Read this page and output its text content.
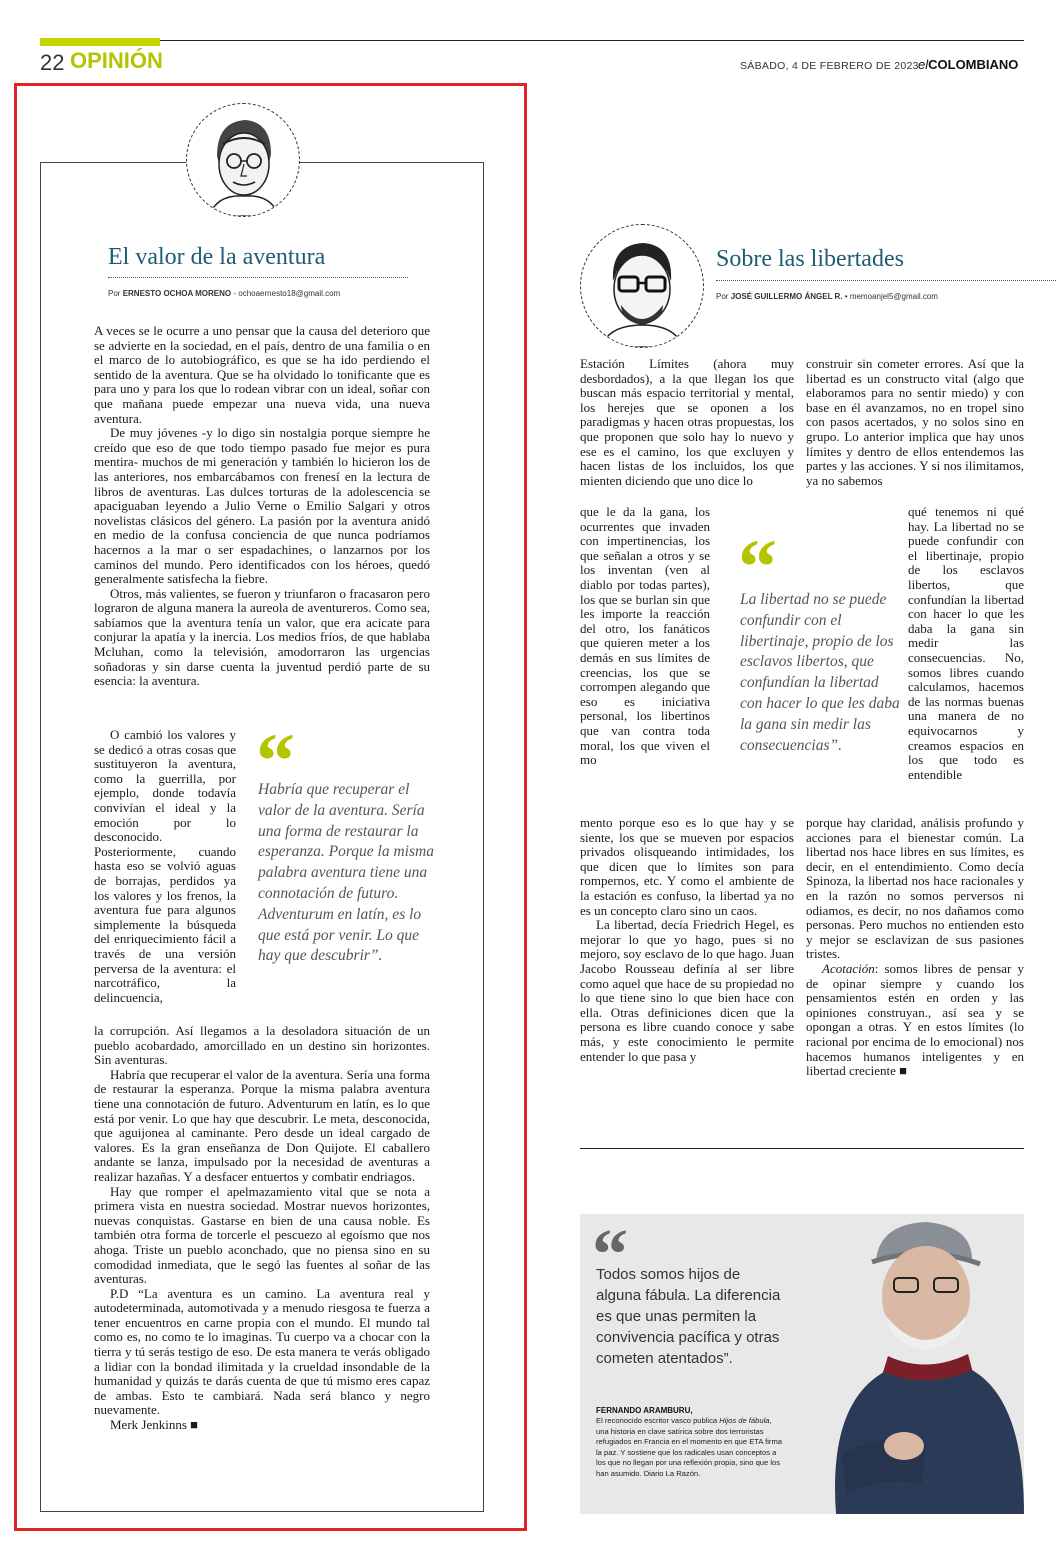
22 OPINIÓN	SÁBADO, 4 DE FEBRERO DE 2023 elCOLOMBIANO
El valor de la aventura
Por ERNESTO OCHOA MORENO - ochoaernesto18@gmail.com

A veces se le ocurre a uno pensar que la causa del deterioro que se advierte en la sociedad, en el país, dentro de una familia o en el marco de lo autobiográfico, es que se ha ido perdiendo el sentido de la aventura. Que se ha olvidado lo tonificante que es para uno y para los que lo rodean vibrar con un ideal, soñar con que mañana puede empezar una nueva vida, una nueva aventura.

De muy jóvenes -y lo digo sin nostalgia porque siempre he creído que eso de que todo tiempo pasado fue mejor es pura mentira- muchos de mi generación y también lo hicieron los de las anteriores, nos embarcábamos con frenesí en la lectura de libros de aventuras. Las dulces torturas de la adolescencia se apaciguaban leyendo a Julio Verne o Emilio Salgari y otros novelistas clásicos del género. La pasión por la aventura anidó en medio de la confusa conciencia de que nunca podríamos hacernos a la mar o ser espadachines, o lanzarnos por los caminos del mundo. Pero identificados con los héroes, quedó generalmente satisfecha la fiebre.

Otros, más valientes, se fueron y triunfaron o fracasaron pero lograron de alguna manera la aureola de aventureros. Como sea, sabíamos que la aventura tenía un valor, que era acicate para conjurar la apatía y la inercia. Los medios fríos, de que hablaba Mcluhan, como la televisión, amodorraron las urgencias soñadoras y sin darse cuenta la juventud perdió parte de su esencia: la aventura.

O cambió los valores y se dedicó a otras cosas que sustituyeron la aventura, como la guerrilla, por ejemplo, donde todavía convivían el ideal y la emoción por lo desconocido. Posteriormente, cuando hasta eso se volvió aguas de borrajas, perdidos ya los valores y los frenos, la aventura fue para algunos simplemente la búsqueda del enriquecimiento fácil a través de una versión perversa de la aventura: el narcotráfico, la delincuencia,

“
Habría que recuperar el valor de la aventura. Sería una forma de restaurar la esperanza. Porque la misma palabra aventura tiene una connotación de futuro. Adventurum en latín, es lo que está por venir. Lo que hay que descubrir”.

la corrupción. Así llegamos a la desoladora situación de un pueblo acobardado, amorcillado en un destino sin horizontes. Sin aventuras.

Habría que recuperar el valor de la aventura. Sería una forma de restaurar la esperanza. Porque la misma palabra aventura tiene una connotación de futuro. Adventurum en latín, es lo que está por venir. Lo que hay que descubrir. Le meta, desconocida, que aguijonea al caminante. Pero desde un ideal cargado de valores. Es la gran enseñanza de Don Quijote. El caballero andante se lanza, impulsado por la necesidad de aventuras a realizar hazañas. Y a desfacer entuertos y combatir endriagos.

Hay que romper el apelmazamiento vital que se nota a primera vista en nuestra sociedad. Mostrar nuevos horizontes, nuevas conquistas. Gastarse en bien de una causa noble. Es también otra forma de torcerle el pescuezo al egoísmo que nos ahoga. Triste un pueblo aconchado, que no piensa sino en su comodidad inmediata, que le segó las fuentes al soñar de las aventuras.

P.D “La aventura es un camino. La aventura real y autodeterminada, automotivada y a menudo riesgosa te fuerza a tener encuentros en carne propia con el mundo. El mundo tal como es, no como te lo imaginas. Tu cuerpo va a chocar con la tierra y tú serás testigo de eso. De esta manera te verás obligado a lidiar con la bondad ilimitada y la crueldad insondable de la humanidad y quizás te darás cuenta de que tú mismo eres capaz de ambas. Esto te cambiará. Nada será blanco y negro nuevamente.

Merk Jenkinns ■

Sobre las libertades
Por JOSÉ GUILLERMO ÁNGEL R. • memoanjel5@gmail.com

Estación Límites (ahora muy desbordados), a la que llegan los que buscan más espacio territorial y mental, los herejes que se oponen a los paradigmas y hacen otras propuestas, los que proponen que solo hay lo nuevo y ese es el camino, los que excluyen y hacen listas de los incluidos, los que mienten diciendo que uno dice lo

que le da la gana, los ocurrentes que invaden con impertinencias, los que señalan a otros y se los inventan (ven al diablo por todas partes), los que se burlan sin que les importe la reacción del otro, los fanáticos que quieren meter a los demás en sus límites de creencias, los que se corrompen alegando que eso es iniciativa personal, los libertinos que van contra toda moral, los que viven el mo

mento porque eso es lo que hay y se siente, los que se mueven por espacios privados olisqueando intimidades, los que dicen que lo límites son para rompernos, etc. Y como el ambiente de la estación es confuso, la libertad ya no es un concepto claro sino un caos.

La libertad, decía Friedrich Hegel, es mejorar lo que yo hago, pues si no mejoro, soy esclavo de lo que hago. Juan Jacobo Rousseau definía al ser libre como aquel que hace de su propiedad no lo que tiene sino lo que bien hace con ella. Otras definiciones dicen que la persona es libre cuando conoce y sabe más, y este conocimiento le permite entender lo que pasa y

“
La libertad no se puede confundir con el libertinaje, propio de los esclavos libertos, que confundían la libertad con hacer lo que les daba la gana sin medir las consecuencias”.

construir sin cometer errores. Así que la libertad es un constructo vital (algo que elaboramos para no sentir miedo) y con base en él avanzamos, no en tropel sino con pasos acertados, y no solos sino en grupo. Lo anterior implica que hay unos límites y dentro de ellos entendemos las partes y las acciones. Y si nos ilimitamos, ya no sabemos

qué tenemos ni qué hay. La libertad no se puede confundir con el libertinaje, propio de los esclavos libertos, que confundían la libertad con hacer lo que les daba la gana sin medir las consecuencias. No, somos libres cuando calculamos, hacemos de las normas buenas una manera de no equivocarnos y creamos espacios en los que todo es entendible

porque hay claridad, análisis profundo y acciones para el bienestar común. La libertad nos hace libres en sus límites, es decir, en el entendimiento. Como decía Spinoza, la libertad nos hace racionales y en la razón no somos perversos ni odiamos, es decir, no nos dañamos como personas. Pero muchos no entienden esto y mejor se esclavizan de sus pasiones tristes.

Acotación: somos libres de pensar y de opinar siempre y cuando los pensamientos estén en orden y las opiniones construyan., así sea y se opongan a otras. Y en estos límites (lo racional por encima de lo emocional) nos hacemos humanos inteligentes y en libertad creciente ■

“
Todos somos hijos de alguna fábula. La diferencia es que unas permiten la convivencia pacífica y otras cometen atentados”.
FERNANDO ARAMBURU,
El reconocido escritor vasco publica Hijos de fábula, una historia en clave satírica sobre dos terroristas refugiados en Francia en el momento en que ETA firma la paz. Y sostiene que los radicales usan conceptos a los que no llegan por una reflexión propia, sino que los han asumido. Diario La Razón.
